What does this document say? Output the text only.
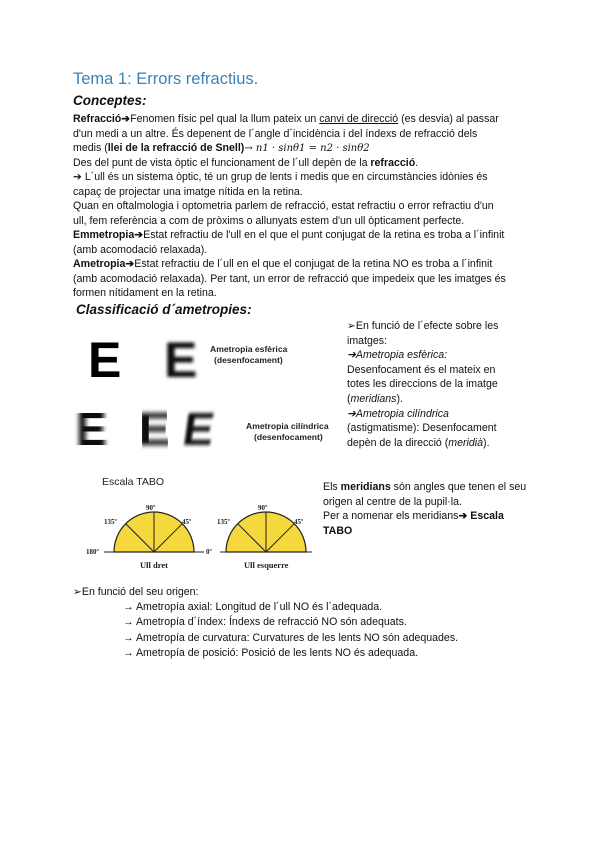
Tema 1: Errors refractius.
Conceptes:
Refracció➔Fenomen físic pel qual la llum pateix un canvi de direcció (es desvia) al passar
d'un medi a un altre. És depenent de l´angle d´incidència i del índexs de refracció dels
medis (llei de la refracció de Snell)→ n1 · sinθ1 = n2 · sinθ2
Des del punt de vista òptic el funcionament de l´ull depèn de la refracció.
➔ L´ull és un sistema òptic, té un grup de lents i medis que en circumstàncies idònies és
capaç de projectar una imatge nítida en la retina.
Quan en oftalmologia i optometria parlem de refracció, estat refractiu o error refractiu d'un
ull, fem referència a com de pròxims o allunyats estem d'un ull òpticament perfecte.
Emmetropia➔Estat refractiu de l'ull en el que el punt conjugat de la retina es troba a l´infinit
(amb acomodació relaxada).
Ametropia➔Estat refractiu de l´ull en el que el conjugat de la retina NO es troba a l´infinit
(amb acomodació relaxada). Per tant, un error de refracció que impedeix que les imatges és
formen nítidament en la retina.
Classificació d´ametropies:
E E Ametropia esfèrica
(desenfocament)
E E E	Ametropia cilíndrica
(desenfocament)
➢En funció de l´efecte sobre les
imatges:
➔Ametropia esfèrica:
Desenfocament és el mateix en
totes les direccions de la imatge
(meridians).
➔Ametropia cilíndrica
(astigmatisme): Desenfocament
depèn de la direcció (meridià).
Escala TABO
90º
45º
135º
180º	0º
Ull dret
90º
45º
135º
Ull esquerre
Els meridians són angles que tenen el seu
origen al centre de la pupil·la.
Per a nomenar els meridians➔ Escala
TABO
➢En funció del seu origen:
→ Ametropía axial: Longitud de l´ull NO és l´adequada.
→ Ametropía d´índex: Índexs de refracció NO són adequats.
→ Ametropía de curvatura: Curvatures de les lents NO són adequades.
→ Ametropía de posició: Posició de les lents NO és adequada.
